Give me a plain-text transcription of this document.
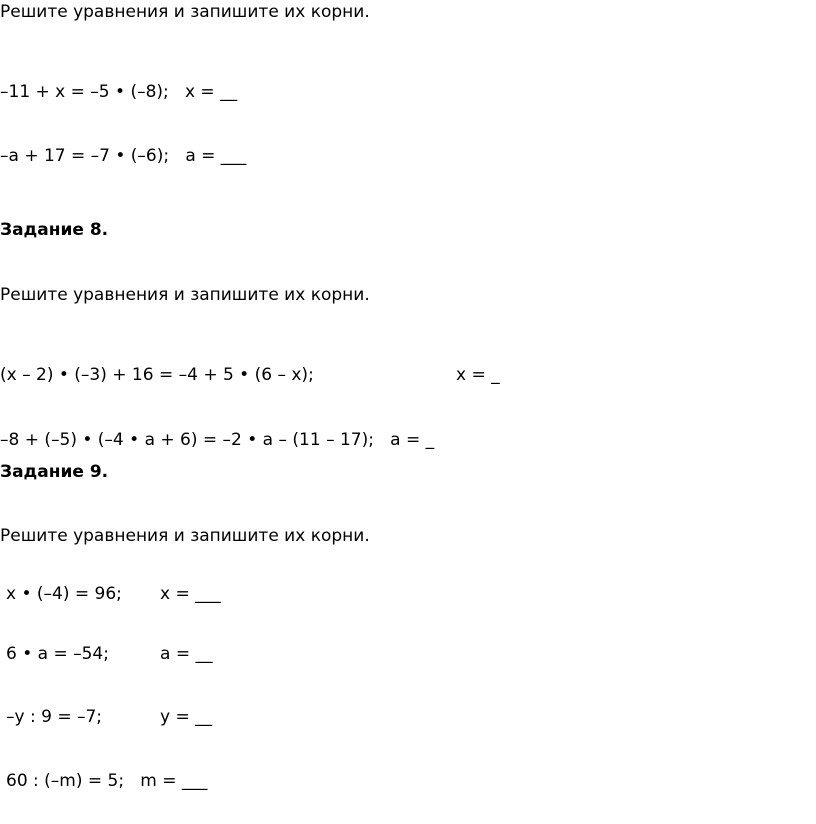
Решите уравнения и запишите их корни.
–11 + x = –5 • (–8);   x = __
–a + 17 = –7 • (–6);   a = ___
Задание 8.
Решите уравнения и запишите их корни.
(x – 2) • (–3) + 16 = –4 + 5 • (6 – x);	x = _
–8 + (–5) • (–4 • a + 6) = –2 • a – (11 – 17);   a = _
Задание 9.
Решите уравнения и запишите их корни.
x • (–4) = 96; x = ___
6 • a = –54;	a = __
–y : 9 = –7;	y = __
60 : (–m) = 5;   m = ___
